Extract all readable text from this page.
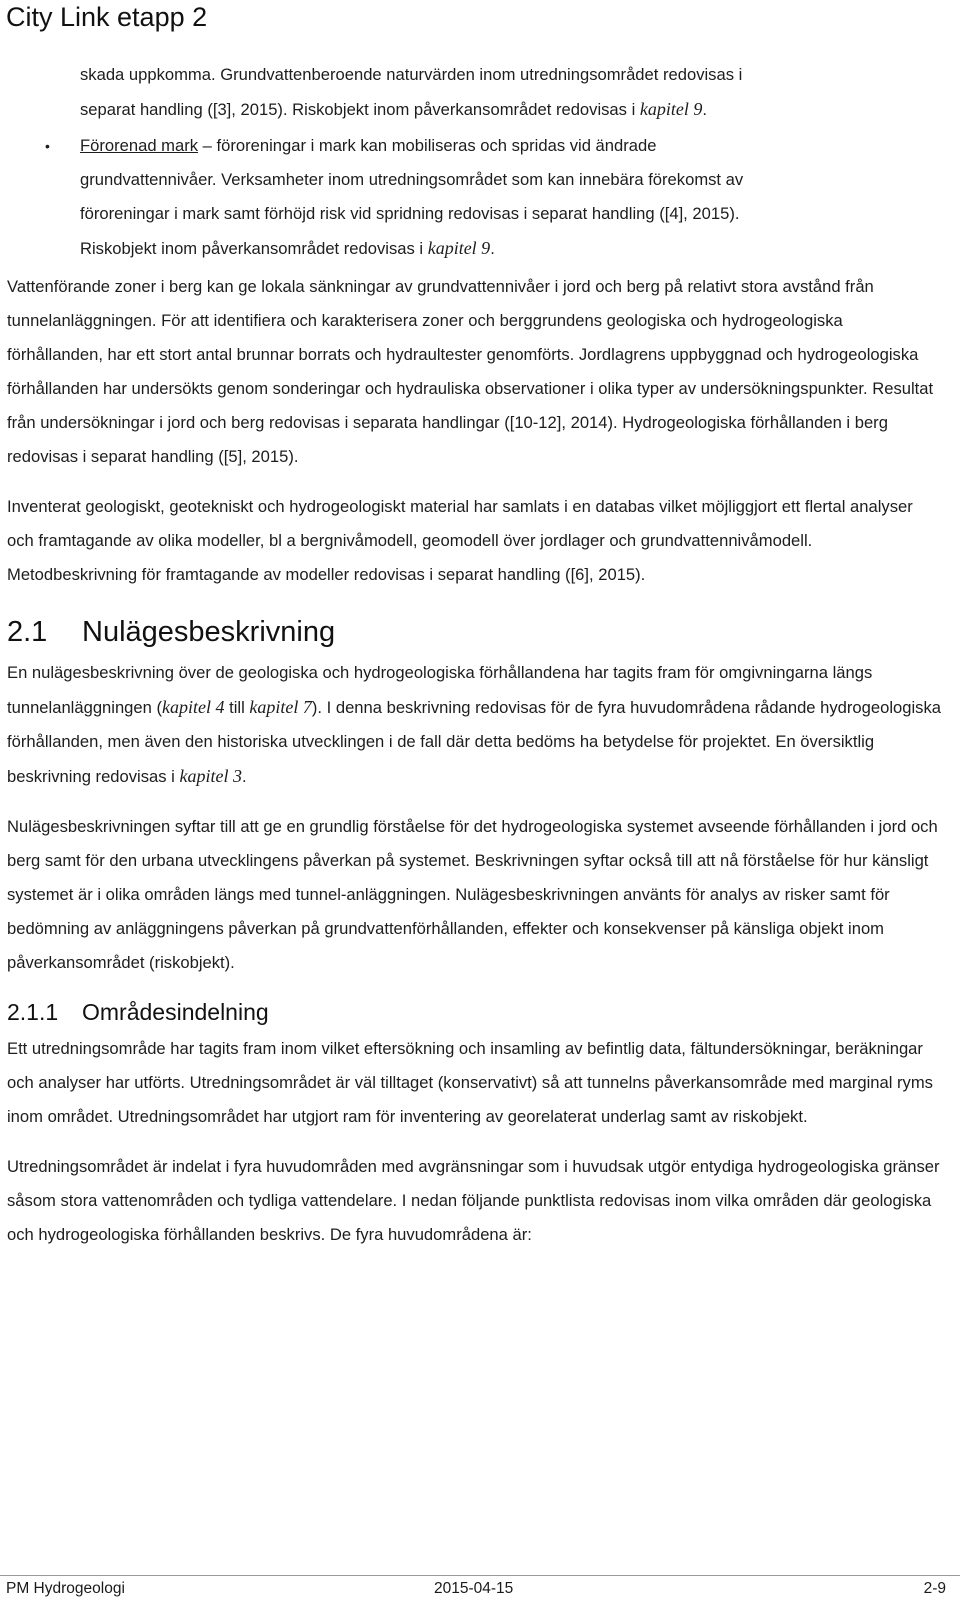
City Link etapp 2

skada uppkomma. Grundvattenberoende naturvärden inom utredningsområdet redovisas i

separat handling ([3], 2015). Riskobjekt inom påverkansområdet redovisas i kapitel 9.

• Förorenad mark – föroreningar i mark kan mobiliseras och spridas vid ändrade

grundvattennivåer. Verksamheter inom utredningsområdet som kan innebära förekomst av

föroreningar i mark samt förhöjd risk vid spridning redovisas i separat handling ([4], 2015).

Riskobjekt inom påverkansområdet redovisas i kapitel 9.

Vattenförande zoner i berg kan ge lokala sänkningar av grundvattennivåer i jord och berg på relativt stora avstånd från tunnelanläggningen. För att identifiera och karakterisera zoner och berggrundens geologiska och hydrogeologiska förhållanden, har ett stort antal brunnar borrats och hydraultester genomförts. Jordlagrens uppbyggnad och hydrogeologiska förhållanden har undersökts genom sonderingar och hydrauliska observationer i olika typer av undersökningspunkter. Resultat från undersökningar i jord och berg redovisas i separata handlingar ([10-12], 2014). Hydrogeologiska förhållanden i berg redovisas i separat handling ([5], 2015).

Inventerat geologiskt, geotekniskt och hydrogeologiskt material har samlats i en databas vilket möjliggjort ett flertal analyser och framtagande av olika modeller, bl a bergnivåmodell, geomodell över jordlager och grundvattennivåmodell. Metodbeskrivning för framtagande av modeller redovisas i separat handling ([6], 2015).

2.1 Nulägesbeskrivning

En nulägesbeskrivning över de geologiska och hydrogeologiska förhållandena har tagits fram för omgivningarna längs tunnelanläggningen (kapitel 4 till kapitel 7). I denna beskrivning redovisas för de fyra huvudområdena rådande hydrogeologiska förhållanden, men även den historiska utvecklingen i de fall där detta bedöms ha betydelse för projektet. En översiktlig beskrivning redovisas i kapitel 3.

Nulägesbeskrivningen syftar till att ge en grundlig förståelse för det hydrogeologiska systemet avseende förhållanden i jord och berg samt för den urbana utvecklingens påverkan på systemet. Beskrivningen syftar också till att nå förståelse för hur känsligt systemet är i olika områden längs med tunnel-anläggningen. Nulägesbeskrivningen använts för analys av risker samt för bedömning av anläggningens påverkan på grundvattenförhållanden, effekter och konsekvenser på känsliga objekt inom påverkansområdet (riskobjekt).

2.1.1 Områdesindelning

Ett utredningsområde har tagits fram inom vilket eftersökning och insamling av befintlig data, fältundersökningar, beräkningar och analyser har utförts. Utredningsområdet är väl tilltaget (konservativt) så att tunnelns påverkansområde med marginal ryms inom området. Utredningsområdet har utgjort ram för inventering av georelaterat underlag samt av riskobjekt.

Utredningsområdet är indelat i fyra huvudområden med avgränsningar som i huvudsak utgör entydiga hydrogeologiska gränser såsom stora vattenområden och tydliga vattendelare. I nedan följande punktlista redovisas inom vilka områden där geologiska och hydrogeologiska förhållanden beskrivs. De fyra huvudområdena är:

PM Hydrogeologi	2015-04-15	2-9
